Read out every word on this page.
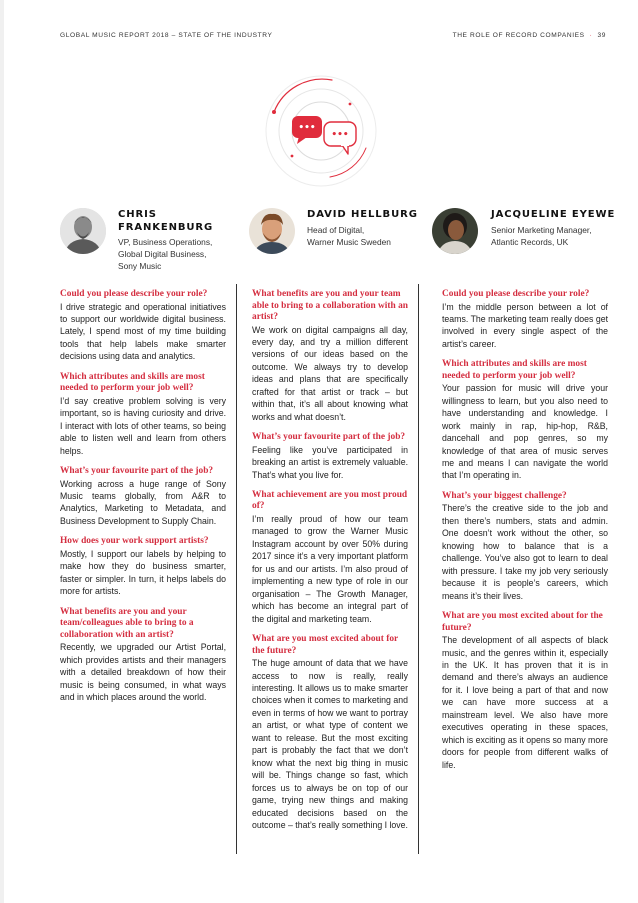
GLOBAL MUSIC REPORT 2018 – STATE OF THE INDUSTRY	THE ROLE OF RECORD COMPANIES · 39
•••
•••
CHRIS
FRANKENBURG
VP, Business Operations,
Global Digital Business,
Sony Music
DAVID HELLBURG
Head of Digital,
Warner Music Sweden
JACQUELINE EYEWE
Senior Marketing Manager,
Atlantic Records, UK

Could you please describe your role?

I drive strategic and operational initiatives to support our worldwide digital business. Lately, I spend most of my time building tools that help labels make smarter decisions using data and analytics.

Which attributes and skills are most needed to perform your job well?

I’d say creative problem solving is very important, so is having curiosity and drive. I interact with lots of other teams, so being able to listen well and learn from others helps.

What’s your favourite part of the job?

Working across a huge range of Sony Music teams globally, from A&R to Analytics, Marketing to Metadata, and Business Development to Supply Chain.

How does your work support artists?

Mostly, I support our labels by helping to make how they do business smarter, faster or simpler. In turn, it helps labels do more for artists.

What benefits are you and your team/colleagues able to bring to a collaboration with an artist?

Recently, we upgraded our Artist Portal, which provides artists and their managers with a detailed breakdown of how their music is being consumed, in what ways and in which places around the world.

What benefits are you and your team able to bring to a collaboration with an artist?

We work on digital campaigns all day, every day, and try a million different versions of our ideas based on the outcome. We always try to develop ideas and plans that are specifically crafted for that artist or track – but within that, it’s all about knowing what works and what doesn’t.

What’s your favourite part of the job?

Feeling like you’ve participated in breaking an artist is extremely valuable. That’s what you live for.

What achievement are you most proud of?

I’m really proud of how our team managed to grow the Warner Music Instagram account by over 50% during 2017 since it’s a very important platform for us and our artists. I’m also proud of implementing a new type of role in our organisation – The Growth Manager, which has become an integral part of the digital and marketing team.

What are you most excited about for the future?

The huge amount of data that we have access to now is really, really interesting. It allows us to make smarter choices when it comes to marketing and even in terms of how we want to portray an artist, or what type of content we want to release. But the most exciting part is probably the fact that we don’t know what the next big thing in music will be. Things change so fast, which forces us to always be on top of our game, trying new things and making educated decisions based on the outcome – that’s really something I love.

Could you please describe your role?

I’m the middle person between a lot of teams. The marketing team really does get involved in every single aspect of the artist’s career.

Which attributes and skills are most needed to perform your job well?

Your passion for music will drive your willingness to learn, but you also need to have understanding and knowledge. I work mainly in rap, hip-hop, R&B, dancehall and pop genres, so my knowledge of that area of music serves me and means I can navigate the world that I’m operating in.

What’s your biggest challenge?

There’s the creative side to the job and then there’s numbers, stats and admin. One doesn’t work without the other, so knowing how to balance that is a challenge. You’ve also got to learn to deal with pressure. I take my job very seriously because it is people’s careers, which means it’s their lives.

What are you most excited about for the future?

The development of all aspects of black music, and the genres within it, especially in the UK. It has proven that it is in demand and there’s always an audience for it. I love being a part of that and now we can have more success at a mainstream level. We also have more executives operating in these spaces, which is exciting as it opens so many more doors for people from different walks of life.
